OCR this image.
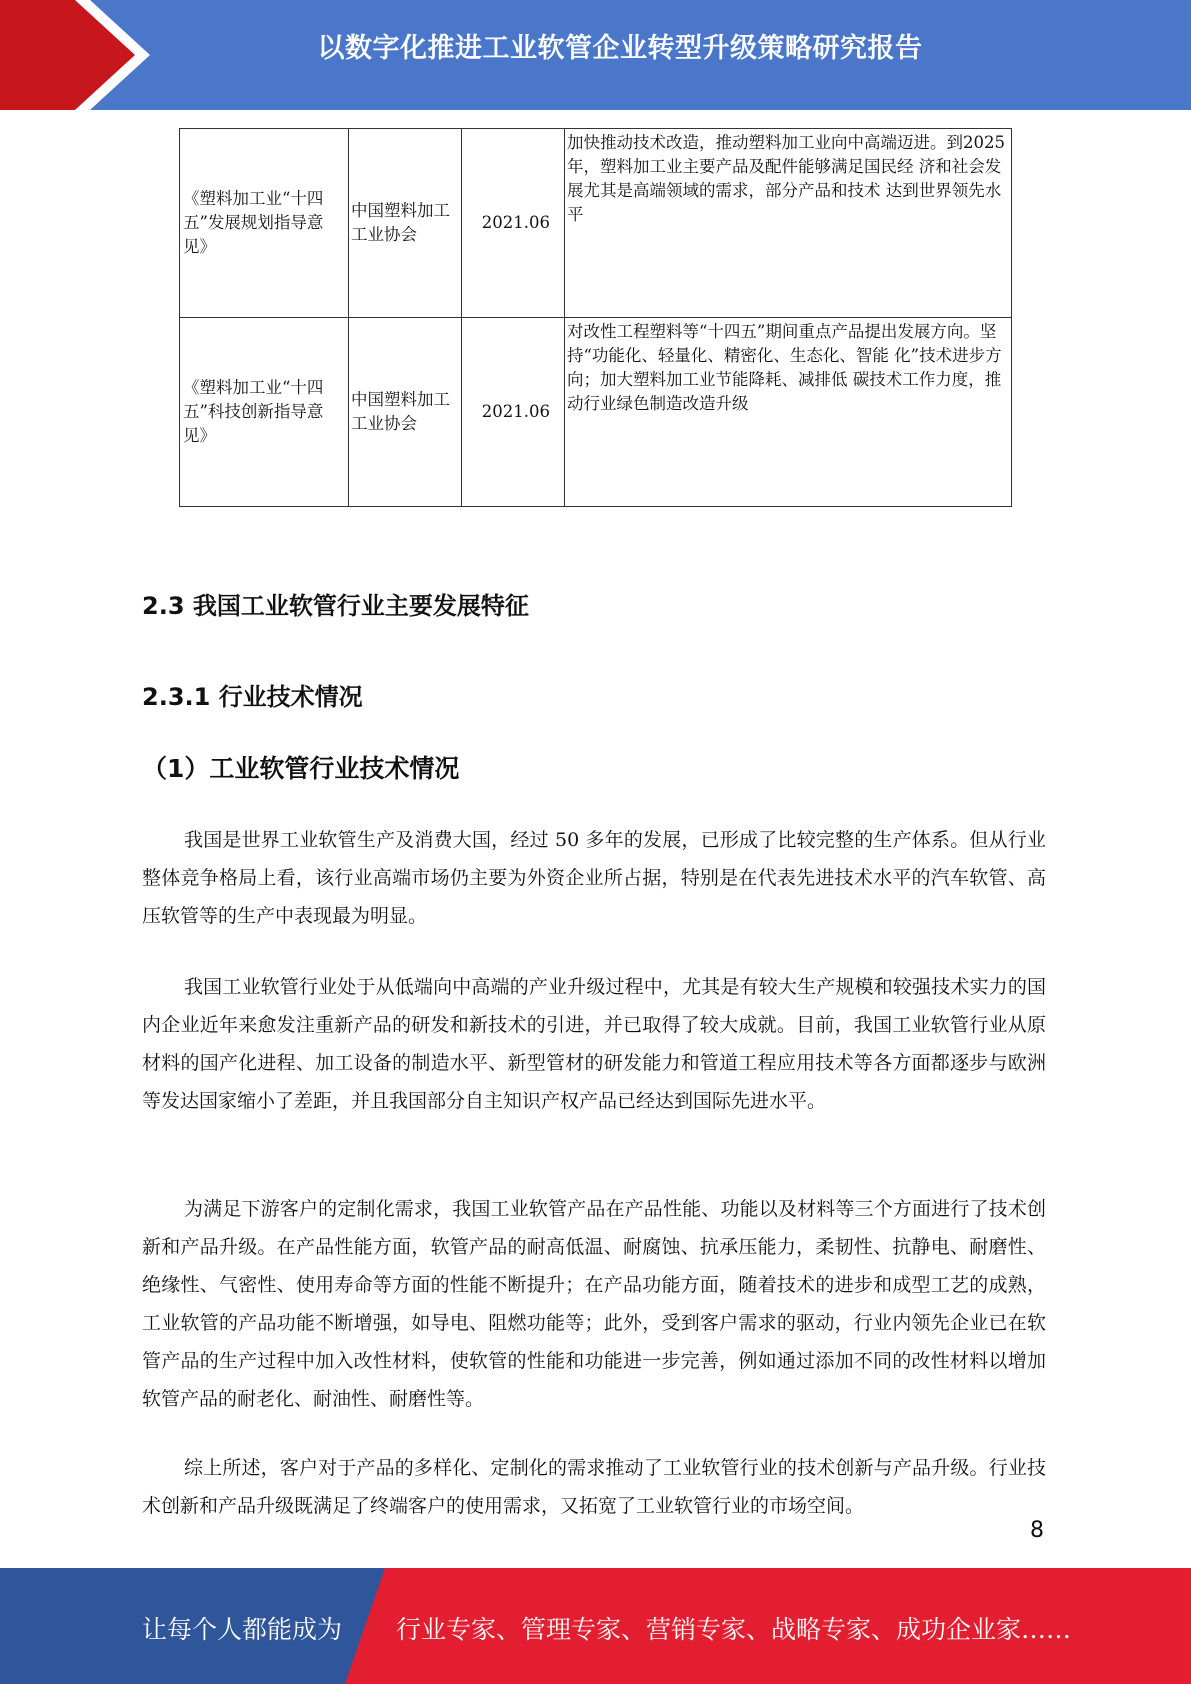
以数字化推进工业软管企业转型升级策略研究报告
《塑料加工业“十四五”发展规划指导意见》	中国塑料加工工业协会	2021.06	加快推动技术改造，推动塑料加工业向中高端迈进。到2025年，塑料加工业主要产品及配件能够满足国民经 济和社会发展尤其是高端领域的需求，部分产品和技术 达到世界领先水平
《塑料加工业“十四五”科技创新指导意见》	中国塑料加工工业协会	2021.06	对改性工程塑料等“十四五”期间重点产品提出发展方向。坚持“功能化、轻量化、精密化、生态化、智能 化”技术进步方向；加大塑料加工业节能降耗、减排低 碳技术工作力度，推动行业绿色制造改造升级
2.3 我国工业软管行业主要发展特征
2.3.1 行业技术情况
（1）工业软管行业技术情况

我国是世界工业软管生产及消费大国，经过 50 多年的发展，已形成了比较完整的生产体系。但从行业整体竞争格局上看，该行业高端市场仍主要为外资企业所占据，特别是在代表先进技术水平的汽车软管、高压软管等的生产中表现最为明显。

我国工业软管行业处于从低端向中高端的产业升级过程中，尤其是有较大生产规模和较强技术实力的国内企业近年来愈发注重新产品的研发和新技术的引进，并已取得了较大成就。目前，我国工业软管行业从原材料的国产化进程、加工设备的制造水平、新型管材的研发能力和管道工程应用技术等各方面都逐步与欧洲等发达国家缩小了差距，并且我国部分自主知识产权产品已经达到国际先进水平。

为满足下游客户的定制化需求，我国工业软管产品在产品性能、功能以及材料等三个方面进行了技术创新和产品升级。在产品性能方面，软管产品的耐高低温、耐腐蚀、抗承压能力，柔韧性、抗静电、耐磨性、绝缘性、气密性、使用寿命等方面的性能不断提升；在产品功能方面，随着技术的进步和成型工艺的成熟，工业软管的产品功能不断增强，如导电、阻燃功能等；此外，受到客户需求的驱动，行业内领先企业已在软管产品的生产过程中加入改性材料，使软管的性能和功能进一步完善，例如通过添加不同的改性材料以增加软管产品的耐老化、耐油性、耐磨性等。

综上所述，客户对于产品的多样化、定制化的需求推动了工业软管行业的技术创新与产品升级。行业技术创新和产品升级既满足了终端客户的使用需求，又拓宽了工业软管行业的市场空间。

8
让每个人都能成为 行业专家、管理专家、营销专家、战略专家、成功企业家……
